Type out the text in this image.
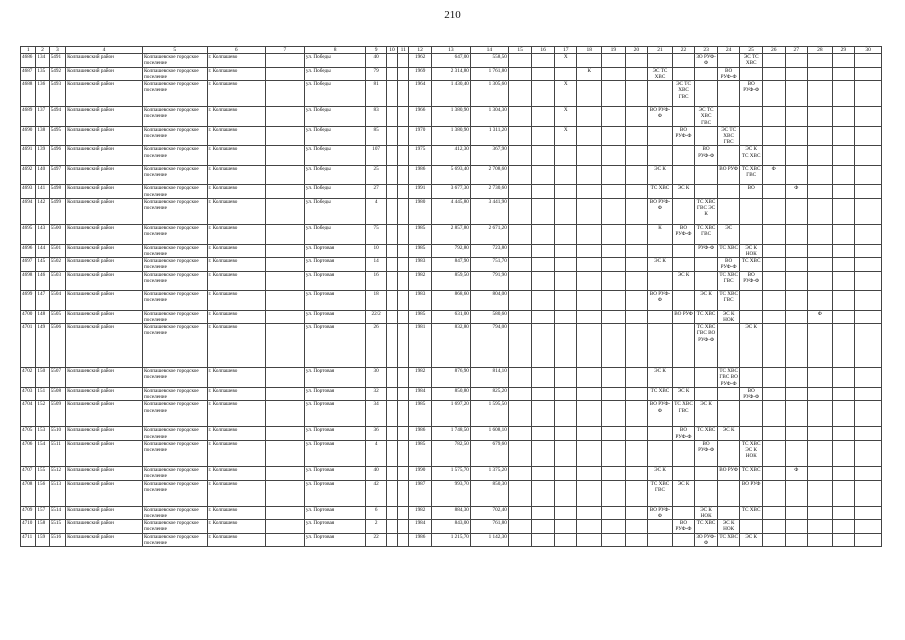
210
1	2	3	4	5	6	7	8	9	10	11	12	13	14	15	16	17	18	19	20	21	22	23	24	25	26	27	28	29	30
4686	134	5491	Колпашевский район	Колпашевское городское поселение	г. Колпашево		ул. Победы	40			1962	647,00	558,50			Х						ЗО РУФ-Ф		ЭС ТС ХВС					
4687	135	5492	Колпашевский район	Колпашевское городское поселение	г. Колпашево		ул. Победы	79			1969	2 314,80	1 761,80				К			ЭС ТС ХВС			ВО РУФ-Ф						
4688	136	5493	Колпашевский район	Колпашевское городское поселение	г. Колпашево		ул. Победы	81			1964	1 430,40	1 305,60			Х					ЭС ТС ХВС ГВС			ВО РУФ-Ф					
4689	137	5494	Колпашевский район	Колпашевское городское поселение	г. Колпашево		ул. Победы	83			1966	1 380,90	1 304,30			Х				ВО РУФ-Ф		ЭС ТС ХВС ГВС							
4690	138	5495	Колпашевский район	Колпашевское городское поселение	г. Колпашево		ул. Победы	85			1970	1 380,90	1 311,20			Х					ВО РУФ-Ф		ЭС ТС ХВС ГВС						
4691	139	5496	Колпашевский район	Колпашевское городское поселение	г. Колпашево		ул. Победы	107			1975	412,30	367,90									ВО РУФ-Ф		ЭС К ТС ХВС					
4692	140	5497	Колпашевский район	Колпашевское городское поселение	г. Колпашево		ул. Победы	25			1986	5 693,40	2 708,60							ЭС К			ВО РУФ	ТС ХВС ГВС	Ф				
4693	141	5498	Колпашевский район	Колпашевское городское поселение	г. Колпашево		ул. Победы	27			1991	3 677,30	2 730,60							ТС ХВС	ЭС К			ВО		Ф			
4694	142	5499	Колпашевский район	Колпашевское городское поселение	г. Колпашево		ул. Победы	4			1980	4 445,80	3 441,90							ВО РУФ-Ф		ТС ХВС ГВС ЭС К							
4695	143	5500	Колпашевский район	Колпашевское городское поселение	г. Колпашево		ул. Победы	75			1985	2 857,80	2 671,20							К	ВО РУФ-Ф	ТС ХВС ГВС	ЭС						
4696	144	5501	Колпашевский район	Колпашевское городское поселение	г. Колпашево		ул. Портовая	10			1985	792,80	723,80									РУФ-Ф	ТС ХВС	ЭС К НОК					
4697	145	5502	Колпашевский район	Колпашевское городское поселение	г. Колпашево		ул. Портовая	14			1983	847,90	751,70							ЭС К			ВО РУФ-Ф	ТС ХВС					
4698	146	5503	Колпашевский район	Колпашевское городское поселение	г. Колпашево		ул. Портовая	16			1982	859,50	791,90								ЭС К		ТС ХВС ГВС	ВО РУФ-Ф					
4699	147	5504	Колпашевский район	Колпашевское городское поселение	г. Колпашево		ул. Портовая	18			1983	868,60	804,00							ВО РУФ-Ф		ЭС К	ТС ХВС ГВС						
4700	148	5505	Колпашевский район	Колпашевское городское поселение	г. Колпашево		ул. Портовая	22/2			1985	631,00	580,60								ВО РУФ	ТС ХВС	ЭС К НОК				Ф		
4701	149	5506	Колпашевский район	Колпашевское городское поселение	г. Колпашево		ул. Портовая	26			1981	832,80	794,00									ТС ХВС ГВС ВО РУФ-Ф		ЭС К					
4702	150	5507	Колпашевский район	Колпашевское городское поселение	г. Колпашево		ул. Портовая	30			1982	876,90	814,10							ЭС К			ТС ХВС ГВС ВО РУФ-Ф						
4703	151	5508	Колпашевский район	Колпашевское городское поселение	г. Колпашево		ул. Портовая	32			1984	850,80	825,20							ТС ХВС	ЭС К			ВО РУФ-Ф					
4704	152	5509	Колпашевский район	Колпашевское городское поселение	г. Колпашево		ул. Портовая	34			1985	1 697,20	1 595,50							ВО РУФ-Ф	ТС ХВС ГВС	ЭС К							
4705	153	5510	Колпашевский район	Колпашевское городское поселение	г. Колпашево		ул. Портовая	36			1986	1 748,50	1 608,10								ВО РУФ-Ф	ТС ХВС	ЭС К						
4706	154	5511	Колпашевский район	Колпашевское городское поселение	г. Колпашево		ул. Портовая	4			1985	782,50	679,60									ВО РУФ-Ф		ТС ХВС ЭС К НОК					
4707	155	5512	Колпашевский район	Колпашевское городское поселение	г. Колпашево		ул. Портовая	40			1990	1 575,70	1 375,20							ЭС К			ВО РУФ	ТС ХВС		Ф			
4708	156	5513	Колпашевский район	Колпашевское городское поселение	г. Колпашево		ул. Портовая	42			1987	993,70	850,30							ТС ХВС ГВС	ЭС К			ВО РУФ					
4709	157	5514	Колпашевский район	Колпашевское городское поселение	г. Колпашево		ул. Портовая	6			1982	884,30	702,40							ВО РУФ-Ф		ЭС К НОК		ТС ХВС					
4710	158	5515	Колпашевский район	Колпашевское городское поселение	г. Колпашево		ул. Портовая	2			1984	843,00	761,80								ВО РУФ-Ф	ТС ХВС	ЭС К НОК						
4711	159	5516	Колпашевский район	Колпашевское городское поселение	г. Колпашево		ул. Портовая	22			1986	1 215,70	1 142,30									ЗО РУФ-Ф	ТС ХВС	ЭС К					
